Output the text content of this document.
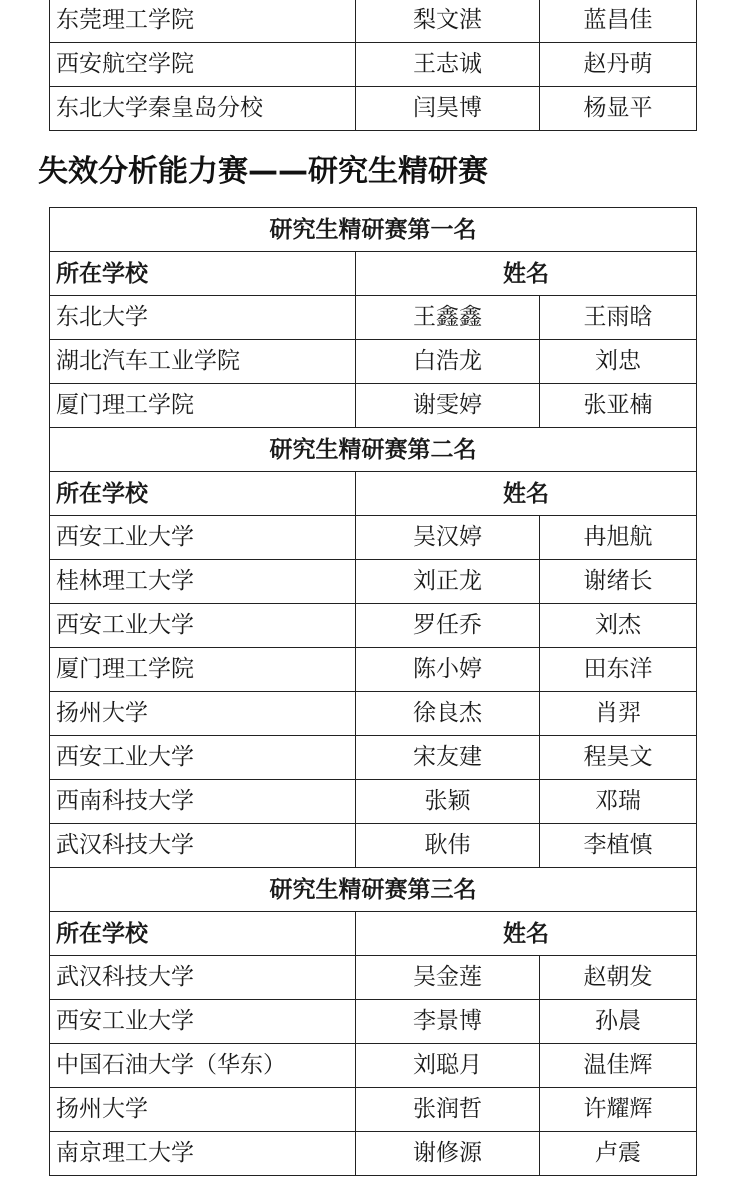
东莞理工学院	梨文湛	蓝昌佳
西安航空学院	王志诚	赵丹萌
东北大学秦皇岛分校	闫昊博	杨显平
失效分析能力赛——研究生精研赛
研究生精研赛第一名		
所在学校	姓名	
东北大学	王鑫鑫	王雨晗
湖北汽车工业学院	白浩龙	刘忠
厦门理工学院	谢雯婷	张亚楠
研究生精研赛第二名		
所在学校	姓名	
西安工业大学	吴汉婷	冉旭航
桂林理工大学	刘正龙	谢绪长
西安工业大学	罗任乔	刘杰
厦门理工学院	陈小婷	田东洋
扬州大学	徐良杰	肖羿
西安工业大学	宋友建	程昊文
西南科技大学	张颖	邓瑞
武汉科技大学	耿伟	李植慎
研究生精研赛第三名		
所在学校	姓名	
武汉科技大学	吴金莲	赵朝发
西安工业大学	李景博	孙晨
中国石油大学（华东）	刘聪月	温佳辉
扬州大学	张润哲	许耀辉
南京理工大学	谢修源	卢震
